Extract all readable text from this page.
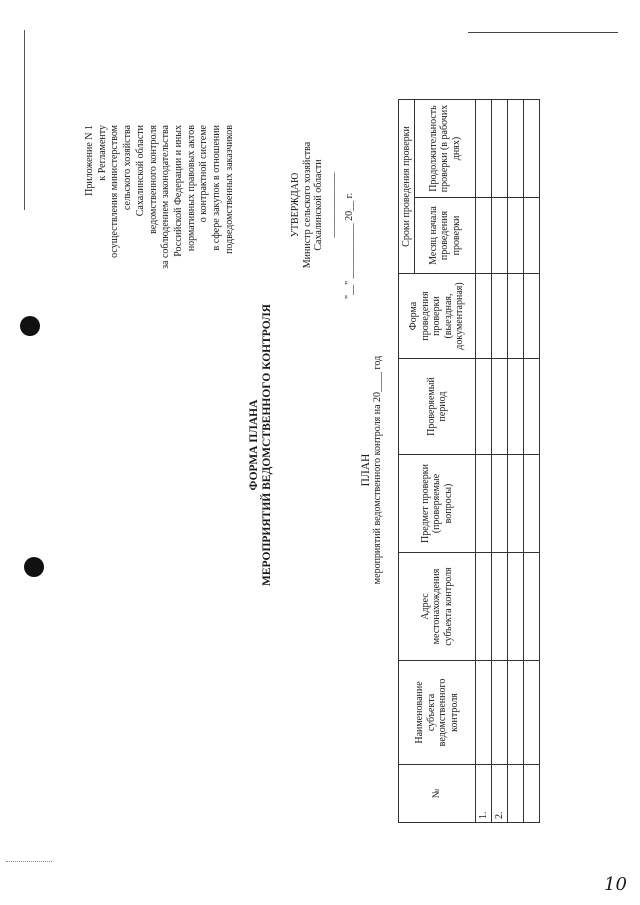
Приложение N 1 к Регламенту осуществления министерством сельского хозяйства Сахалинской области ведомственного контроля за соблюдением законодательства Российской Федерации и иных нормативных правовых актов о контрактной системе в сфере закупок в отношении подведомственных заказчиков	УТВЕРЖДАЮ Министр сельского хозяйства Сахалинской области _____________ "__" ___________ 20__ г.
ФОРМА ПЛАНА МЕРОПРИЯТИЙ ВЕДОМСТВЕННОГО КОНТРОЛЯ	ПЛАН мероприятий ведомственного контроля на 20____ год
№	Наименование субъекта ведомственного контроля	Адрес местонахождения субъекта контроля	Предмет проверки (проверяемые вопросы)	Проверяемый период	Форма проведения проверки (выездная, документарная)	Сроки проведения проверки	
						Месяц начала проведения проверки	Продолжительность проверки (в рабочих днях)
1.							
2.							

10
